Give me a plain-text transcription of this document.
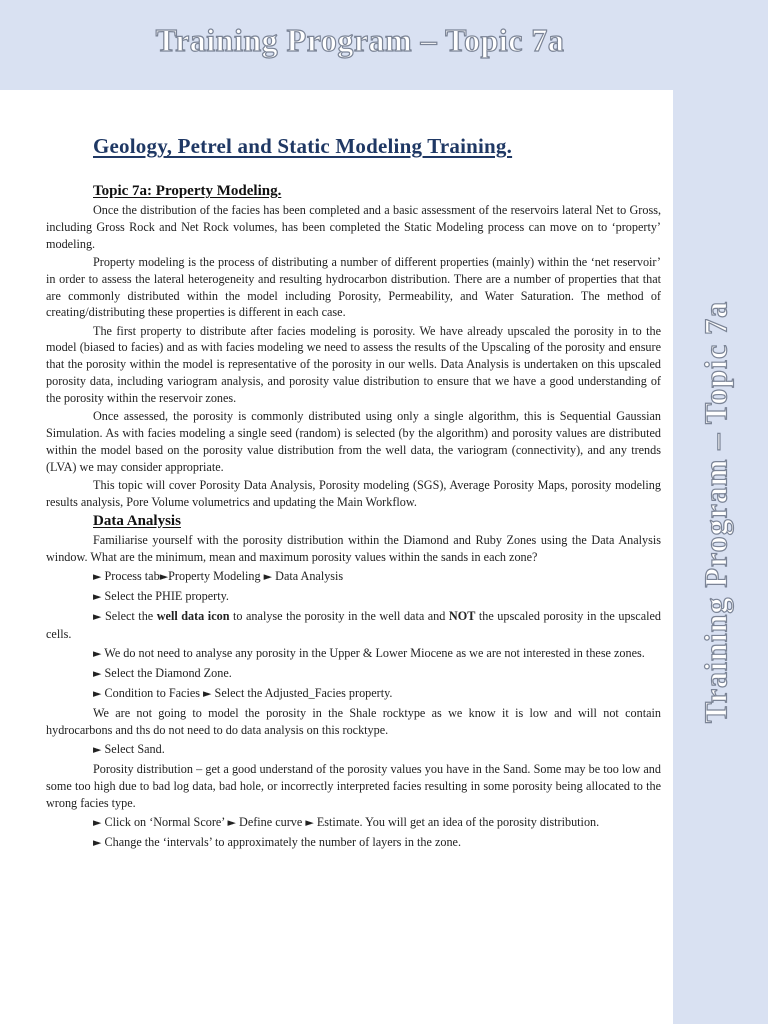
Training Program – Topic 7a
Training Program – Topic 7a
Geology, Petrel and Static Modeling Training.
Topic 7a: Property Modeling.

Once the distribution of the facies has been completed and a basic assessment of the reservoirs lateral Net to Gross, including Gross Rock and Net Rock volumes, has been completed the Static Modeling process can move on to ‘property’ modeling.

Property modeling is the process of distributing a number of different properties (mainly) within the ‘net reservoir’ in order to assess the lateral heterogeneity and resulting hydrocarbon distribution. There are a number of properties that that are commonly distributed within the model including Porosity, Permeability, and Water Saturation. The method of creating/distributing these properties is different in each case.

The first property to distribute after facies modeling is porosity. We have already upscaled the porosity in to the model (biased to facies) and as with facies modeling we need to assess the results of the Upscaling of the porosity and ensure that the porosity within the model is representative of the porosity in our wells. Data Analysis is undertaken on this upscaled porosity data, including variogram analysis, and porosity value distribution to ensure that we have a good understanding of the porosity within the reservoir zones.

Once assessed, the porosity is commonly distributed using only a single algorithm, this is Sequential Gaussian Simulation. As with facies modeling a single seed (random) is selected (by the algorithm) and porosity values are distributed within the model based on the porosity value distribution from the well data, the variogram (connectivity), and any trends (LVA) we may consider appropriate.

This topic will cover Porosity Data Analysis, Porosity modeling (SGS), Average Porosity Maps, porosity modeling results analysis, Pore Volume volumetrics and updating the Main Workflow.

Data Analysis

Familiarise yourself with the porosity distribution within the Diamond and Ruby Zones using the Data Analysis window. What are the minimum, mean and maximum porosity values within the sands in each zone?

► Process tab►Property Modeling ► Data Analysis

► Select the PHIE property.

► Select the well data icon to analyse the porosity in the well data and NOT the upscaled porosity in the upscaled cells.

► We do not need to analyse any porosity in the Upper & Lower Miocene as we are not interested in these zones.

► Select the Diamond Zone.

► Condition to Facies ► Select the Adjusted_Facies property.

We are not going to model the porosity in the Shale rocktype as we know it is low and will not contain hydrocarbons and ths do not need to do data analysis on this rocktype.

► Select Sand.

Porosity distribution – get a good understand of the porosity values you have in the Sand. Some may be too low and some too high due to bad log data, bad hole, or incorrectly interpreted facies resulting in some porosity being allocated to the wrong facies type.

► Click on ‘Normal Score’ ► Define curve ► Estimate. You will get an idea of the porosity distribution.

► Change the ‘intervals’ to approximately the number of layers in the zone.
